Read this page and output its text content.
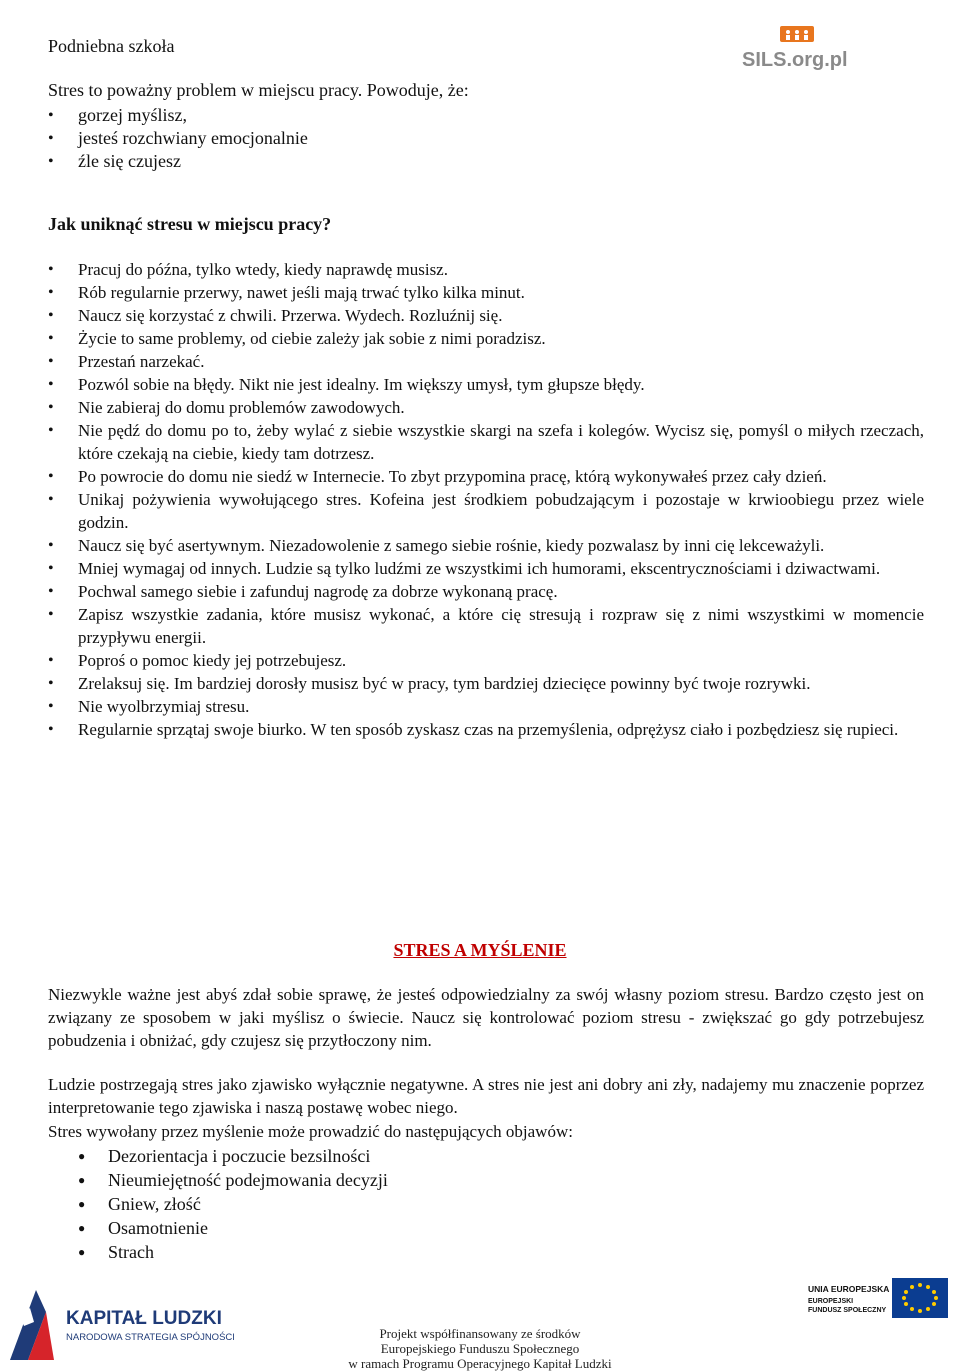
Podniebna szkoła
SILS.org.pl
Stres to poważny problem w miejscu pracy. Powoduje, że:
• gorzej myślisz,
• jesteś rozchwiany emocjonalnie
• źle się czujesz
Jak uniknąć stresu w miejscu pracy?
• Pracuj do późna, tylko wtedy, kiedy naprawdę musisz.
• Rób regularnie przerwy, nawet jeśli mają trwać tylko kilka minut.
• Naucz się korzystać z chwili. Przerwa. Wydech. Rozluźnij się.
• Życie to same problemy, od ciebie zależy jak sobie z nimi poradzisz.
• Przestań narzekać.
• Pozwól sobie na błędy. Nikt nie jest idealny. Im większy umysł, tym głupsze błędy.
• Nie zabieraj do domu problemów zawodowych.
• Nie pędź do domu po to, żeby wylać z siebie wszystkie skargi na szefa i kolegów. Wycisz się, pomyśl o miłych rzeczach, które czekają na ciebie, kiedy tam dotrzesz.
• Po powrocie do domu nie siedź w Internecie. To zbyt przypomina pracę, którą wykonywałeś przez cały dzień.
• Unikaj pożywienia wywołującego stres. Kofeina jest środkiem pobudzającym i pozostaje w krwioobiegu przez wiele godzin.
• Naucz się być asertywnym. Niezadowolenie z samego siebie rośnie, kiedy pozwalasz by inni cię lekceważyli.
• Mniej wymagaj od innych. Ludzie są tylko ludźmi ze wszystkimi ich humorami, ekscentrycznościami i dziwactwami.
• Pochwal samego siebie i zafunduj nagrodę za dobrze wykonaną pracę.
• Zapisz wszystkie zadania, które musisz wykonać, a które cię stresują i rozpraw się z nimi wszystkimi w momencie przypływu energii.
• Poproś o pomoc kiedy jej potrzebujesz.
• Zrelaksuj się. Im bardziej dorosły musisz być w pracy, tym bardziej dziecięce powinny być twoje rozrywki.
• Nie wyolbrzymiaj stresu.
• Regularnie sprzątaj swoje biurko. W ten sposób zyskasz czas na przemyślenia, odprężysz ciało i pozbędziesz się rupieci.
STRES A MYŚLENIE

Niezwykle ważne jest abyś zdał sobie sprawę, że jesteś odpowiedzialny za swój własny poziom stresu. Bardzo często jest on związany ze sposobem w jaki myślisz o świecie. Naucz się kontrolować poziom stresu - zwiększać go gdy potrzebujesz pobudzenia i obniżać, gdy czujesz się przytłoczony nim.

Ludzie postrzegają stres jako zjawisko wyłącznie negatywne. A stres nie jest ani dobry ani zły, nadajemy mu znaczenie poprzez interpretowanie tego zjawiska i naszą postawę wobec niego.

Stres wywołany przez myślenie może prowadzić do następujących objawów:

● Dezorientacja i poczucie bezsilności
● Nieumiejętność podejmowania decyzji
● Gniew, złość
● Osamotnienie
● Strach
KAPITAŁ LUDZKI
NARODOWA STRATEGIA SPÓJNOŚCI
UNIA EUROPEJSKA
EUROPEJSKI
FUNDUSZ SPOŁECZNY
Projekt współfinansowany ze środków
Europejskiego Funduszu Społecznego
w ramach Programu Operacyjnego Kapitał Ludzki
